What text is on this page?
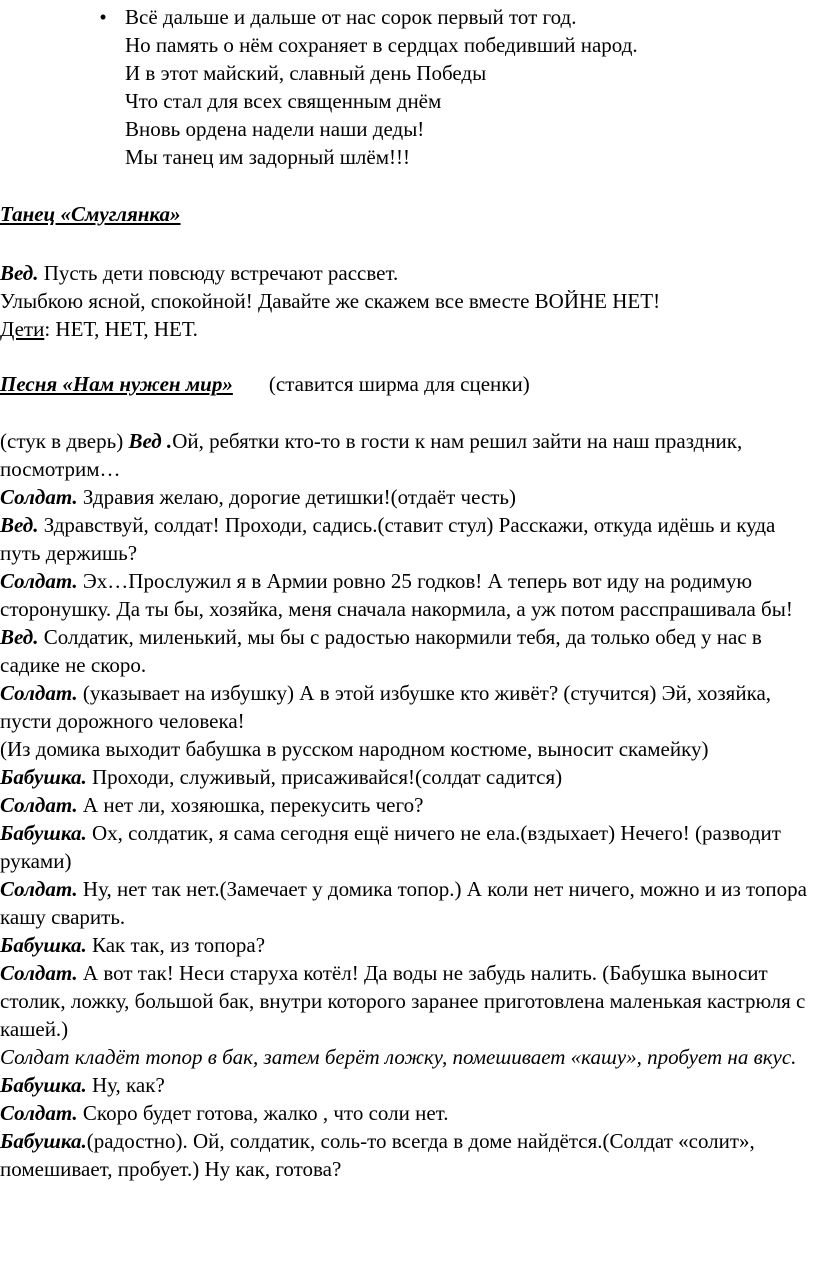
• Всё дальше и дальше от нас сорок первый тот год.
Но память о нём сохраняет в сердцах победивший народ.
И в этот майский, славный день Победы
Что стал для всех священным днём
Вновь ордена надели наши деды!
Мы танец им задорный шлём!!!
Танец «Смуглянка»

Вед. Пусть дети повсюду встречают рассвет.

Улыбкою ясной, спокойной! Давайте же скажем все вместе ВОЙНЕ НЕТ!

Дети: НЕТ, НЕТ, НЕТ.

Песня «Нам нужен мир» (ставится ширма для сценки)

(стук в дверь) Вед .Ой, ребятки кто-то в гости к нам решил зайти на наш праздник, посмотрим…

Солдат. Здравия желаю, дорогие детишки!(отдаёт честь)

Вед. Здравствуй, солдат! Проходи, садись.(ставит стул) Расскажи, откуда идёшь и куда путь держишь?

Солдат. Эх…Прослужил я в Армии ровно 25 годков! А теперь вот иду на родимую сторонушку. Да ты бы, хозяйка, меня сначала накормила, а уж потом расспрашивала бы!

Вед. Солдатик, миленький, мы бы с радостью накормили тебя, да только обед у нас в садике не скоро.

Солдат. (указывает на избушку) А в этой избушке кто живёт? (стучится) Эй, хозяйка, пусти дорожного человека!

(Из домика выходит бабушка в русском народном костюме, выносит скамейку)

Бабушка. Проходи, служивый, присаживайся!(солдат садится)

Солдат. А нет ли, хозяюшка, перекусить чего?

Бабушка. Ох, солдатик, я сама сегодня ещё ничего не ела.(вздыхает) Нечего! (разводит руками)

Солдат. Ну, нет так нет.(Замечает у домика топор.) А коли нет ничего, можно и из топора кашу сварить.

Бабушка. Как так, из топора?

Солдат. А вот так! Неси старуха котёл! Да воды не забудь налить. (Бабушка выносит столик, ложку, большой бак, внутри которого заранее приготовлена маленькая кастрюля с кашей.)

Солдат кладёт топор в бак, затем берёт ложку, помешивает «кашу», пробует на вкус.

Бабушка. Ну, как?

Солдат. Скоро будет готова, жалко , что соли нет.

Бабушка.(радостно). Ой, солдатик, соль-то всегда в доме найдётся.(Солдат «солит», помешивает, пробует.) Ну как, готова?
